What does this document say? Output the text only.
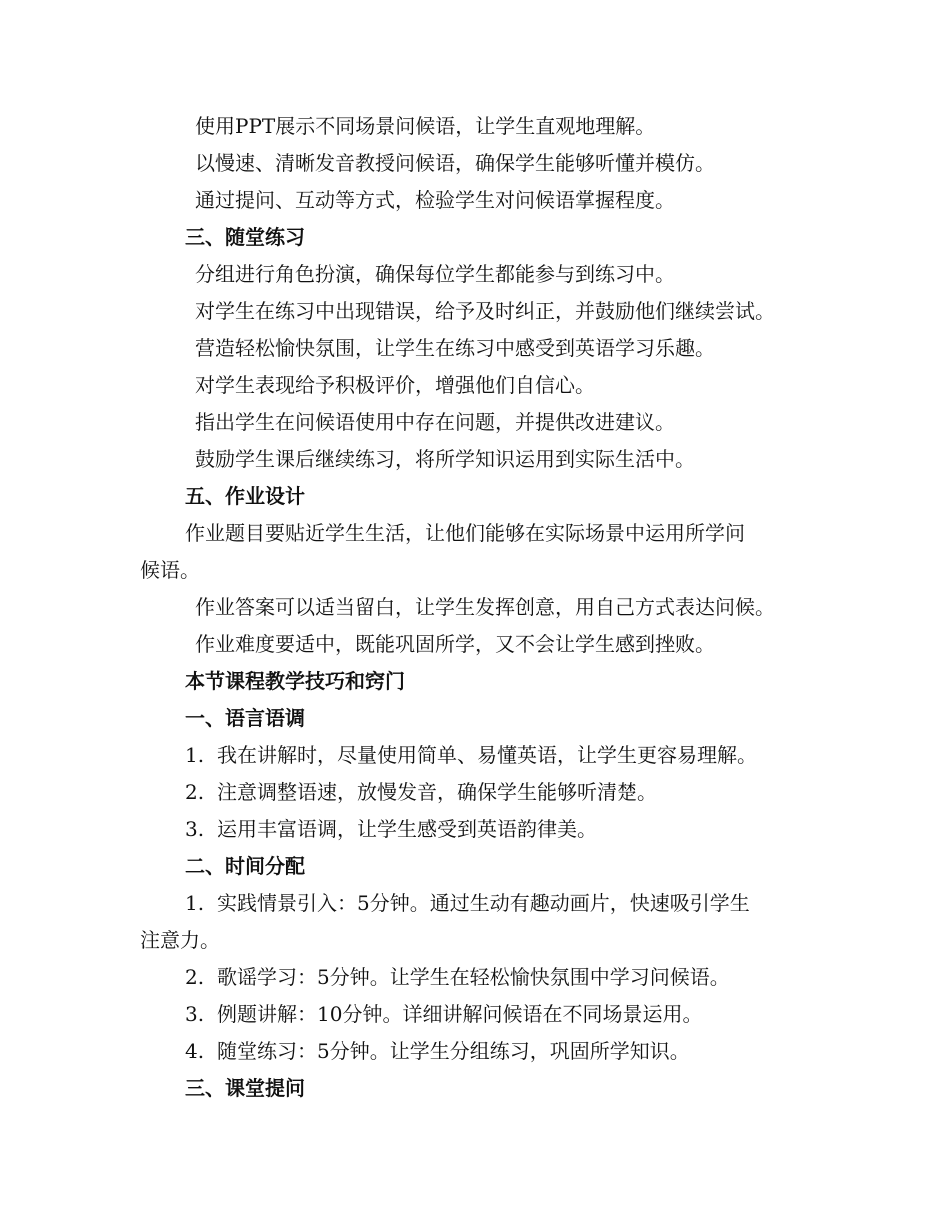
使用PPT展示不同场景问候语，让学生直观地理解。
以慢速、清晰发音教授问候语，确保学生能够听懂并模仿。
通过提问、互动等方式，检验学生对问候语掌握程度。
三、随堂练习
分组进行角色扮演，确保每位学生都能参与到练习中。
对学生在练习中出现错误，给予及时纠正，并鼓励他们继续尝试。
营造轻松愉快氛围，让学生在练习中感受到英语学习乐趣。
对学生表现给予积极评价，增强他们自信心。
指出学生在问候语使用中存在问题，并提供改进建议。
鼓励学生课后继续练习，将所学知识运用到实际生活中。
五、作业设计
作业题目要贴近学生生活，让他们能够在实际场景中运用所学问
候语。
作业答案可以适当留白，让学生发挥创意，用自己方式表达问候。
作业难度要适中，既能巩固所学，又不会让学生感到挫败。
本节课程教学技巧和窍门
一、语言语调
1. 我在讲解时，尽量使用简单、易懂英语，让学生更容易理解。
2. 注意调整语速，放慢发音，确保学生能够听清楚。
3. 运用丰富语调，让学生感受到英语韵律美。
二、时间分配
1. 实践情景引入：5分钟。通过生动有趣动画片，快速吸引学生
注意力。
2. 歌谣学习：5分钟。让学生在轻松愉快氛围中学习问候语。
3. 例题讲解：10分钟。详细讲解问候语在不同场景运用。
4. 随堂练习：5分钟。让学生分组练习，巩固所学知识。
三、课堂提问
